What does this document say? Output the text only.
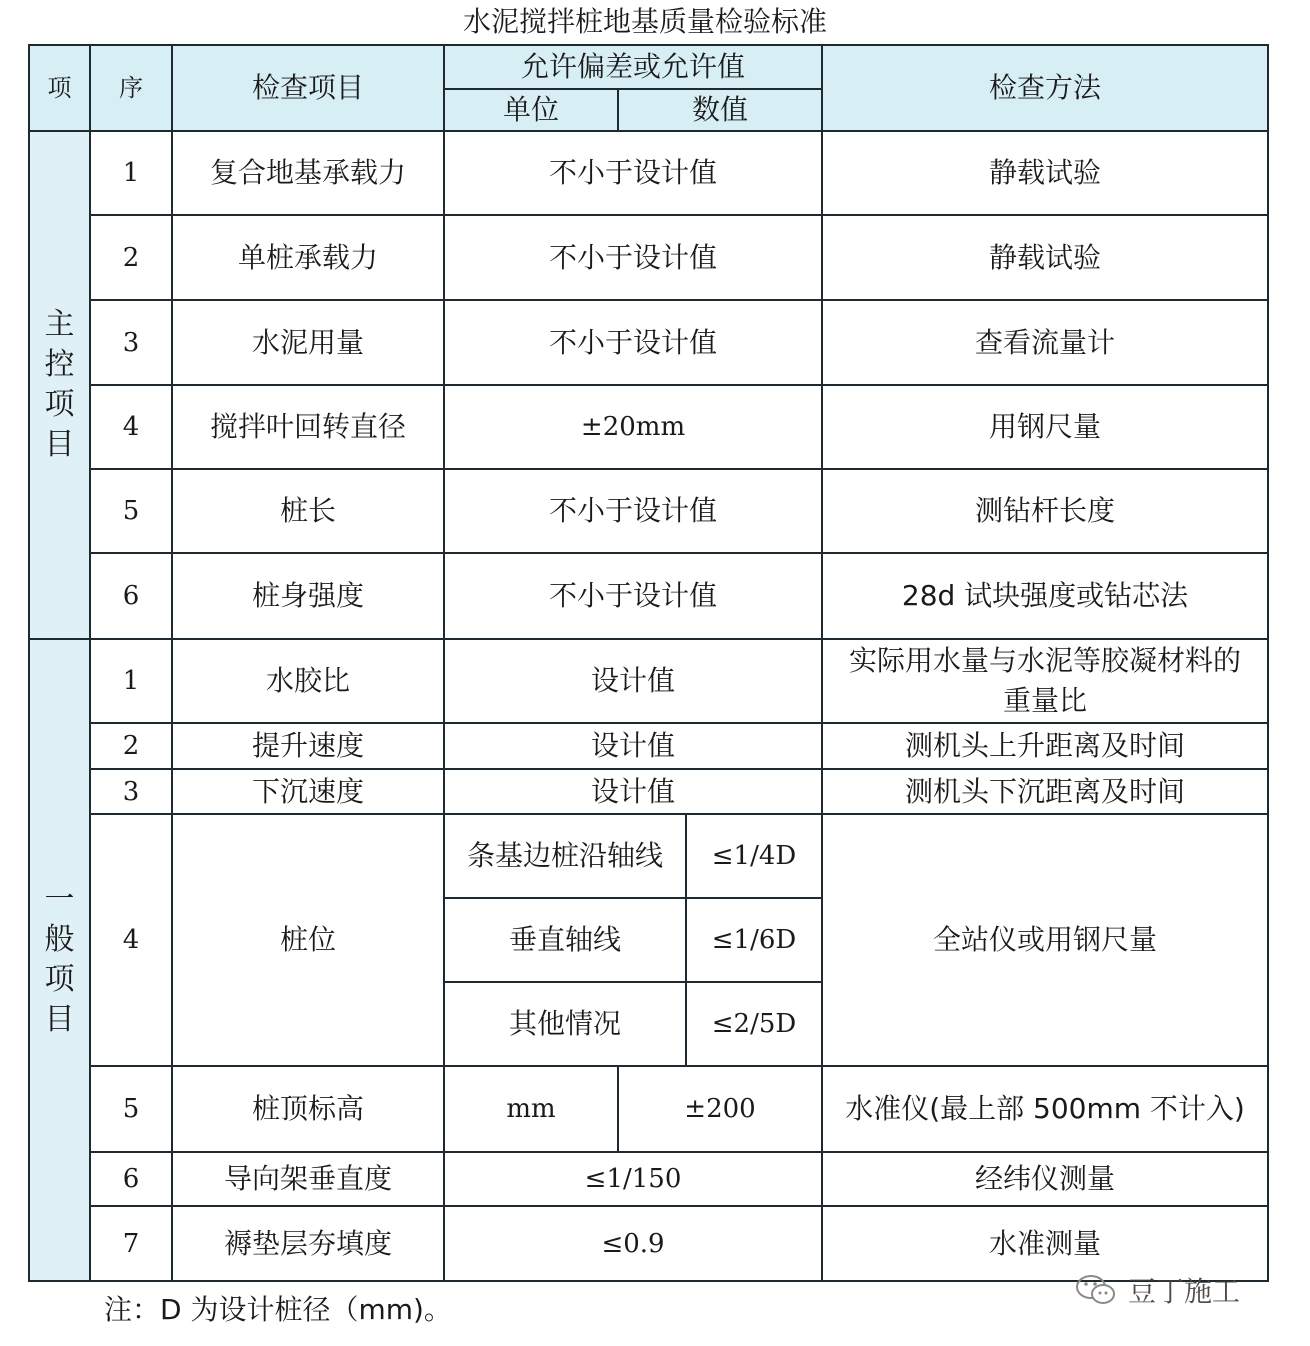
水泥搅拌桩地基质量检验标准
项	序	检查项目	允许偏差或允许值			检查方法
			单位	数值		

主
控
项
目	1	复合地基承载力	不小于设计值			静载试验
	2	单桩承载力	不小于设计值			静载试验
	3	水泥用量	不小于设计值			查看流量计
	4	搅拌叶回转直径	±20mm			用钢尺量
	5	桩长	不小于设计值			测钻杆长度
	6	桩身强度	不小于设计值			28d 试块强度或钻芯法

一
般
项
目	1	水胶比	设计值			实际用水量与水泥等胶凝材料的重量比
	2	提升速度	设计值			测机头上升距离及时间
	3	下沉速度	设计值			测机头下沉距离及时间
	4	桩位	条基边桩沿轴线		≤1/4D	全站仪或用钢尺量
			垂直轴线		≤1/6D	
			其他情况		≤2/5D	
	5	桩顶标高	mm	±200		水准仪(最上部 500mm 不计入)
	6	导向架垂直度	≤1/150			经纬仪测量
	7	褥垫层夯填度	≤0.9			水准测量
注：D 为设计桩径（mm)。
豆丁施工
